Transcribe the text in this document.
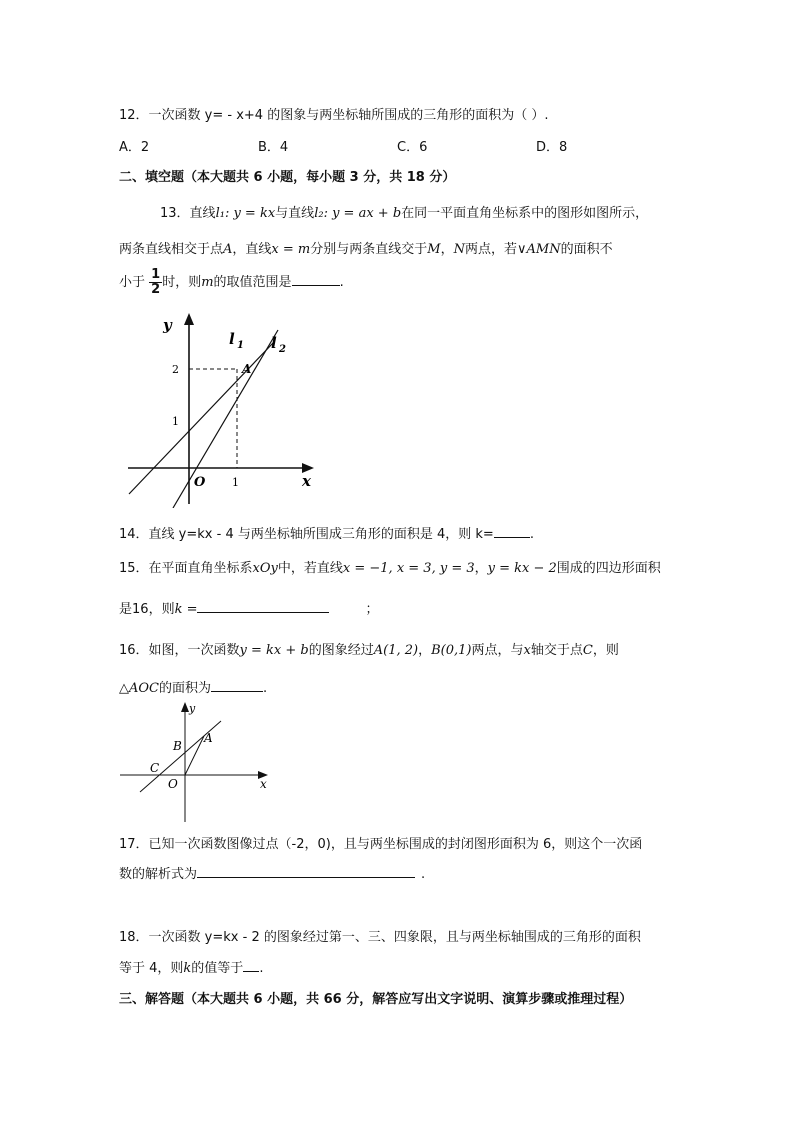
12．一次函数 y= - x+4 的图象与两坐标轴所围成的三角形的面积为（ ）.
A．2	B．4	C．6	D．8
二、填空题（本大题共 6 小题，每小题 3 分，共 18 分）
13．直线l₁: y = kx与直线l₂: y = ax + b在同一平面直角坐标系中的图形如图所示，
两条直线相交于点A，直线x = m分别与两条直线交于M，N两点，若∨AMN的面积不
小于 $\frac{1}{2}$ 时，则m的取值范围是	.
y
x
O 1
1
2	A
l 1 l 2
14．直线 y=kx - 4 与两坐标轴所围成三角形的面积是 4，则 k=	.
15．在平面直角坐标系xOy中，若直线x = −1, x = 3, y = 3，y = kx − 2围成的四边形面积
是16，则k =	；
16．如图，一次函数y = kx + b的图象经过A(1, 2)，B(0,1)两点，与x轴交于点C，则
△AOC的面积为	.
y
x
O
A
B
C
17．已知一次函数图像过点（-2，0)，且与两坐标围成的封闭图形面积为 6，则这个一次函
数的解析式为	.
18．一次函数 y=kx - 2 的图象经过第一、三、四象限，且与两坐标轴围成的三角形的面积
等于 4，则k的值等于 .
三、解答题（本大题共 6 小题，共 66 分，解答应写出文字说明、演算步骤或推理过程）
